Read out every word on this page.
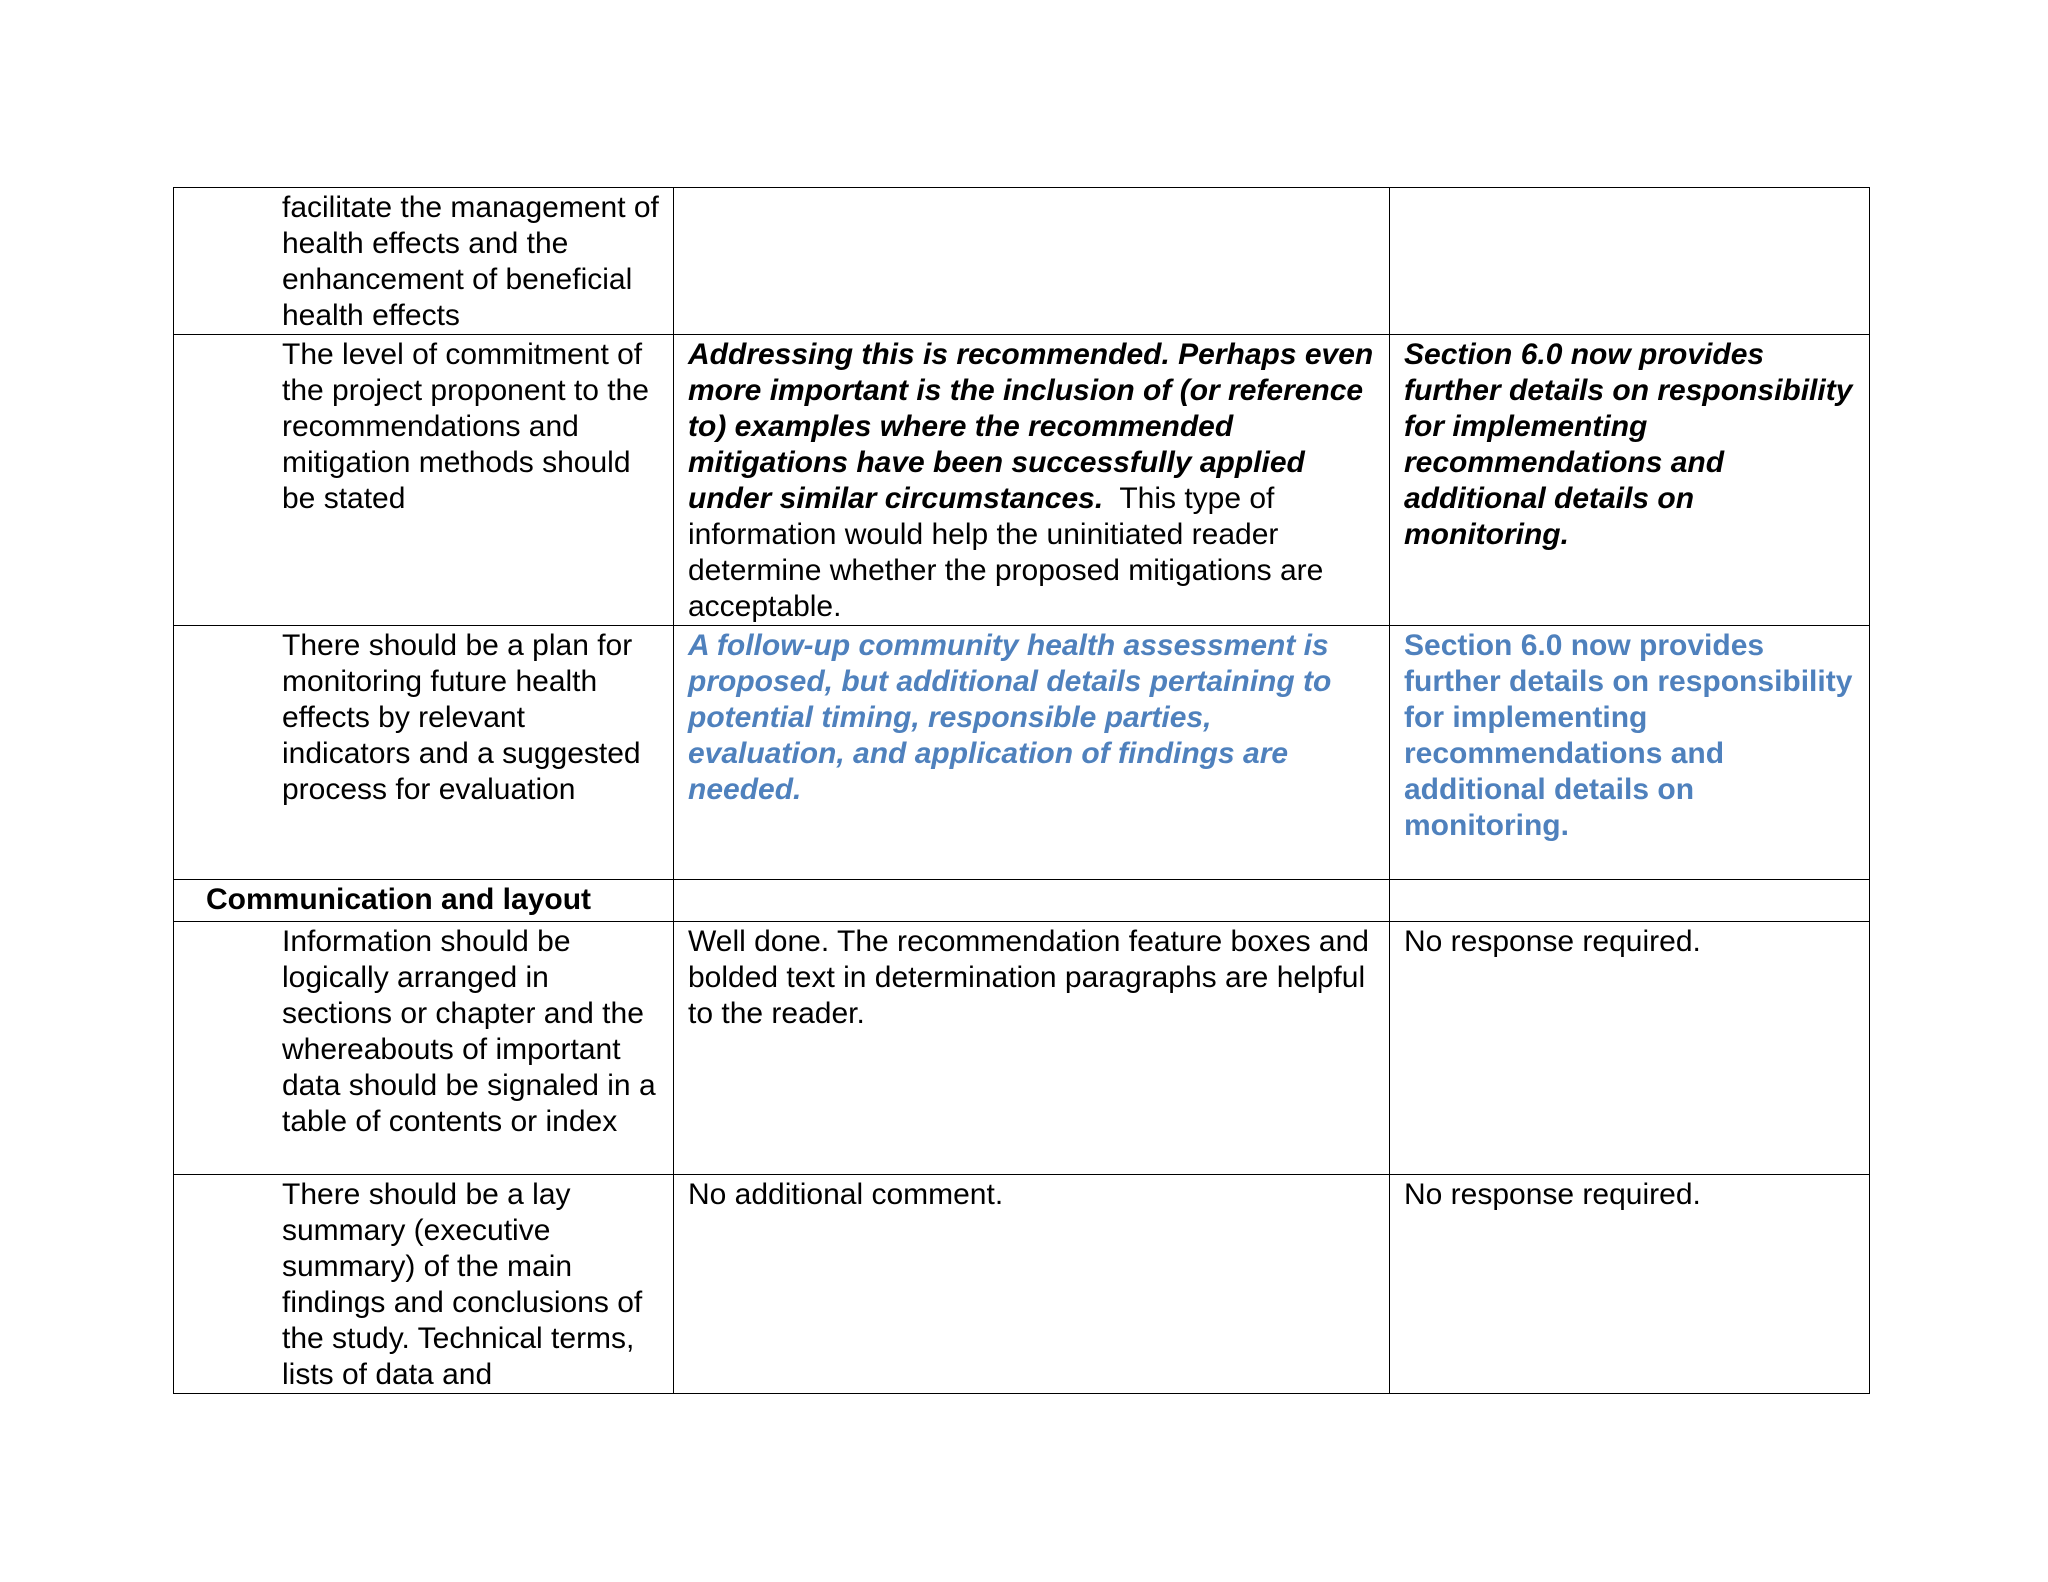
facilitate the management of health effects and the enhancement of beneficial health effects		
The level of commitment of the project proponent to the recommendations and mitigation methods should be stated	Addressing this is recommended. Perhaps even more important is the inclusion of (or reference to) examples where the recommended mitigations have been successfully applied under similar circumstances.  This type of information would help the uninitiated reader determine whether the proposed mitigations are acceptable.	Section 6.0 now provides further details on responsibility for implementing recommendations and additional details on monitoring.
There should be a plan for monitoring future health effects by relevant indicators and a suggested process for evaluation	A follow-up community health assessment is proposed, but additional details pertaining to potential timing, responsible parties, evaluation, and application of findings are needed.	Section 6.0 now provides further details on responsibility for implementing recommendations and additional details on monitoring.
Communication and layout		
Information should be logically arranged in sections or chapter and the whereabouts of important data should be signaled in a table of contents or index	Well done. The recommendation feature boxes and bolded text in determination paragraphs are helpful to the reader.	No response required.
There should be a lay summary (executive summary) of the main findings and conclusions of the study. Technical terms, lists of data and	No additional comment.	No response required.
